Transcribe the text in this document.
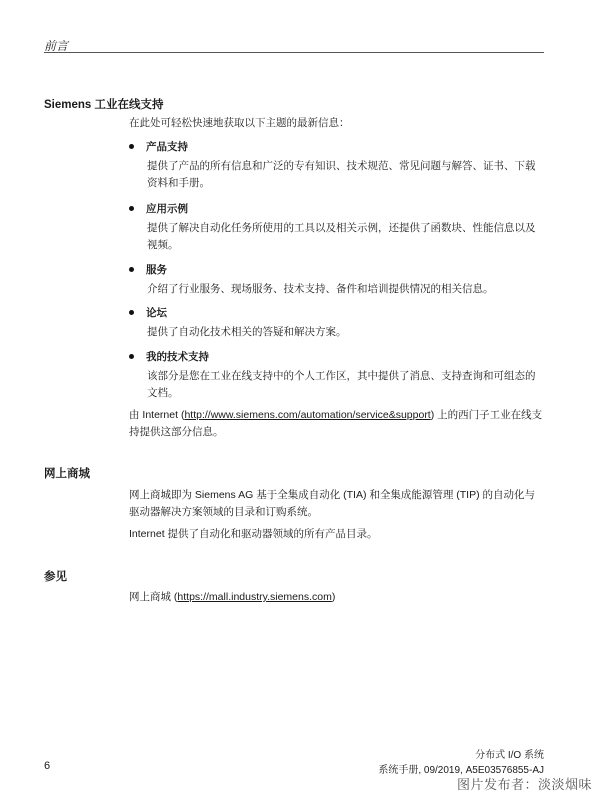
前言
Siemens 工业在线支持
在此处可轻松快速地获取以下主题的最新信息：
产品支持
提供了产品的所有信息和广泛的专有知识、技术规范、常见问题与解答、证书、下载资料和手册。
应用示例
提供了解决自动化任务所使用的工具以及相关示例，还提供了函数块、性能信息以及视频。
服务
介绍了行业服务、现场服务、技术支持、备件和培训提供情况的相关信息。
论坛
提供了自动化技术相关的答疑和解决方案。
我的技术支持
该部分是您在工业在线支持中的个人工作区，其中提供了消息、支持查询和可组态的文档。
由 Internet (http://www.siemens.com/automation/service&support) 上的西门子工业在线支持提供这部分信息。
网上商城
网上商城即为 Siemens AG 基于全集成自动化 (TIA) 和全集成能源管理 (TIP) 的自动化与驱动器解决方案领域的目录和订购系统。
Internet 提供了自动化和驱动器领域的所有产品目录。
参见
网上商城 (https://mall.industry.siemens.com)
6
分布式 I/O 系统
系统手册, 09/2019, A5E03576855-AJ
图片发布者：淡淡烟味
